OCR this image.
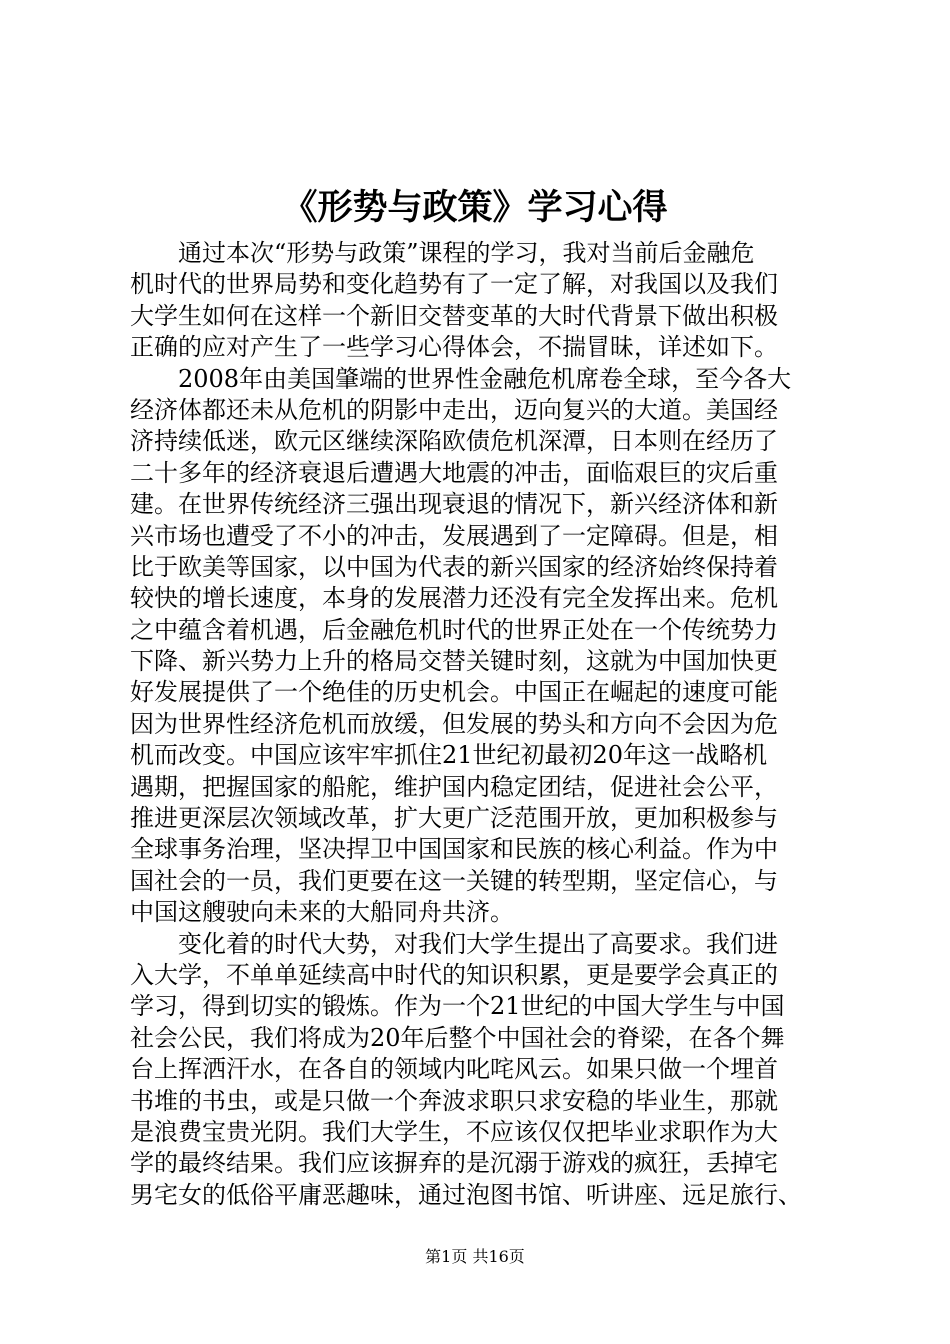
《形势与政策》学习心得
通过本次“形势与政策”课程的学习，我对当前后金融危
机时代的世界局势和变化趋势有了一定了解，对我国以及我们
大学生如何在这样一个新旧交替变革的大时代背景下做出积极
正确的应对产生了一些学习心得体会，不揣冒昧，详述如下。
2008年由美国肇端的世界性金融危机席卷全球，至今各大
经济体都还未从危机的阴影中走出，迈向复兴的大道。美国经
济持续低迷，欧元区继续深陷欧债危机深潭，日本则在经历了
二十多年的经济衰退后遭遇大地震的冲击，面临艰巨的灾后重
建。在世界传统经济三强出现衰退的情况下，新兴经济体和新
兴市场也遭受了不小的冲击，发展遇到了一定障碍。但是，相
比于欧美等国家，以中国为代表的新兴国家的经济始终保持着
较快的增长速度，本身的发展潜力还没有完全发挥出来。危机
之中蕴含着机遇，后金融危机时代的世界正处在一个传统势力
下降、新兴势力上升的格局交替关键时刻，这就为中国加快更
好发展提供了一个绝佳的历史机会。中国正在崛起的速度可能
因为世界性经济危机而放缓，但发展的势头和方向不会因为危
机而改变。中国应该牢牢抓住21世纪初最初20年这一战略机
遇期，把握国家的船舵，维护国内稳定团结，促进社会公平，
推进更深层次领域改革，扩大更广泛范围开放，更加积极参与
全球事务治理，坚决捍卫中国国家和民族的核心利益。作为中
国社会的一员，我们更要在这一关键的转型期，坚定信心，与
中国这艘驶向未来的大船同舟共济。
变化着的时代大势，对我们大学生提出了高要求。我们进
入大学，不单单延续高中时代的知识积累，更是要学会真正的
学习，得到切实的锻炼。作为一个21世纪的中国大学生与中国
社会公民，我们将成为20年后整个中国社会的脊梁，在各个舞
台上挥洒汗水，在各自的领域内叱咤风云。如果只做一个埋首
书堆的书虫，或是只做一个奔波求职只求安稳的毕业生，那就
是浪费宝贵光阴。我们大学生，不应该仅仅把毕业求职作为大
学的最终结果。我们应该摒弃的是沉溺于游戏的疯狂，丢掉宅
男宅女的低俗平庸恶趣味，通过泡图书馆、听讲座、远足旅行、
第1页 共16页
